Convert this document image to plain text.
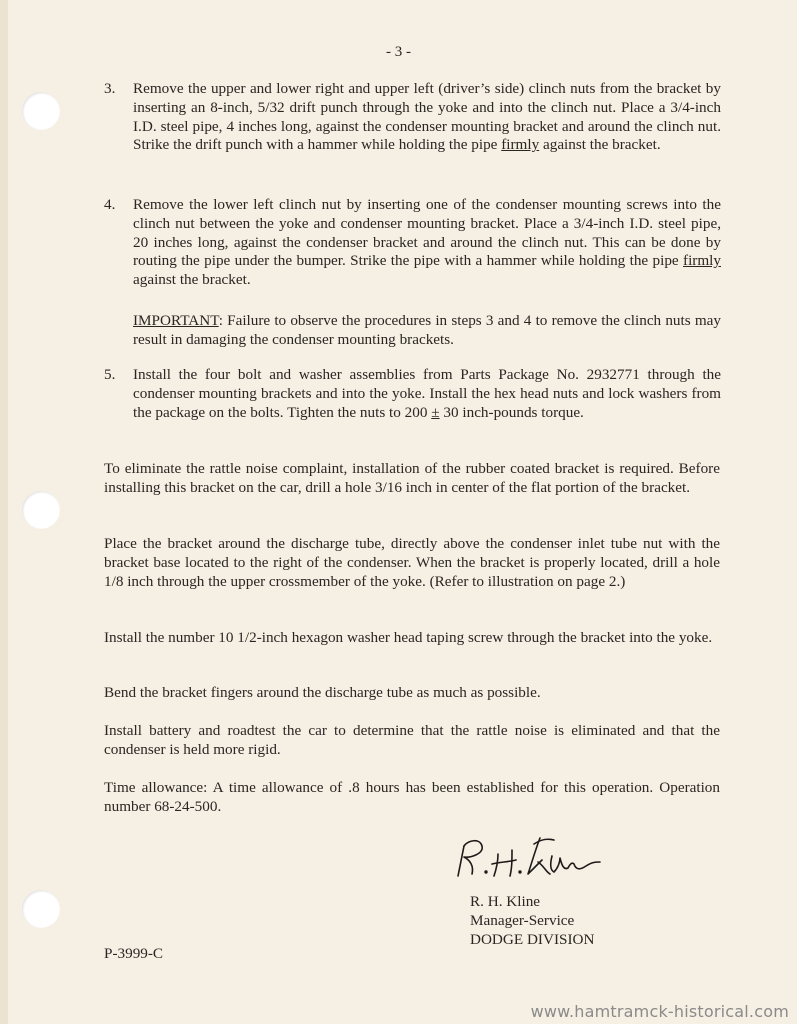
- 3 -
3. Remove the upper and lower right and upper left (driver’s side) clinch nuts from the bracket by inserting an 8-inch, 5/32 drift punch through the yoke and into the clinch nut. Place a 3/4-inch I.D. steel pipe, 4 inches long, against the condenser mounting bracket and around the clinch nut. Strike the drift punch with a hammer while holding the pipe firmly against the bracket.

4. Remove the lower left clinch nut by inserting one of the condenser mounting screws into the clinch nut between the yoke and condenser mounting bracket. Place a 3/4-inch I.D. steel pipe, 20 inches long, against the condenser bracket and around the clinch nut. This can be done by routing the pipe under the bumper. Strike the pipe with a hammer while holding the pipe firmly against the bracket.

IMPORTANT: Failure to observe the procedures in steps 3 and 4 to remove the clinch nuts may result in damaging the condenser mounting brackets.

5. Install the four bolt and washer assemblies from Parts Package No. 2932771 through the condenser mounting brackets and into the yoke. Install the hex head nuts and lock washers from the package on the bolts. Tighten the nuts to 200 ± 30 inch-pounds torque.

To eliminate the rattle noise complaint, installation of the rubber coated bracket is required. Before installing this bracket on the car, drill a hole 3/16 inch in center of the flat portion of the bracket.

Place the bracket around the discharge tube, directly above the condenser inlet tube nut with the bracket base located to the right of the condenser. When the bracket is properly located, drill a hole 1/8 inch through the upper crossmember of the yoke. (Refer to illustration on page 2.)

Install the number 10 1/2-inch hexagon washer head taping screw through the bracket into the yoke.

Bend the bracket fingers around the discharge tube as much as possible.

Install battery and roadtest the car to determine that the rattle noise is eliminated and that the condenser is held more rigid.

Time allowance: A time allowance of .8 hours has been established for this operation. Operation number 68-24-500.

R. H. Kline
Manager-Service
DODGE DIVISION
P-3999-C
www.hamtramck-historical.com
